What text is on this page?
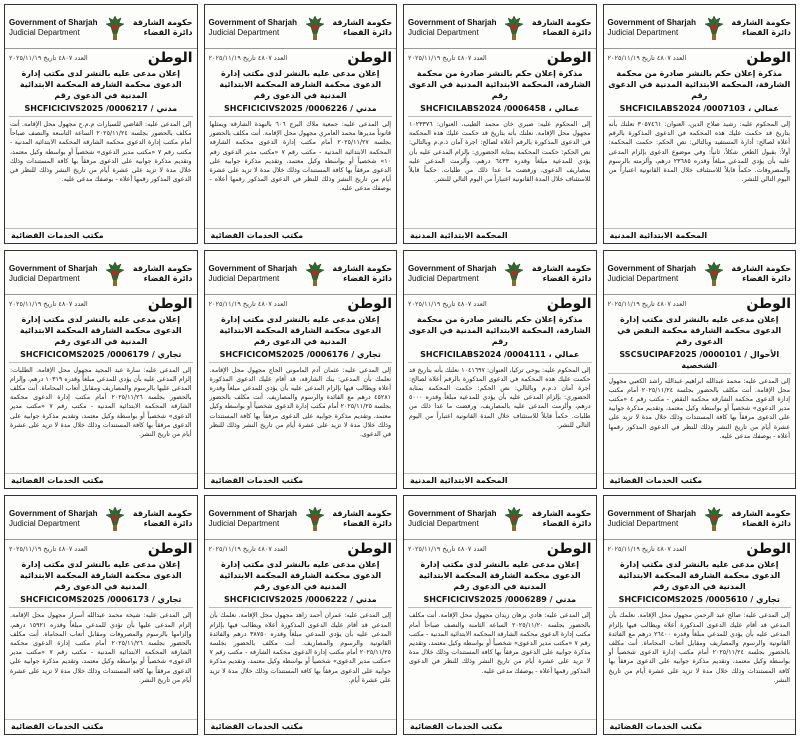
Government of Sharjah
Judicial Department
حكومة الشارقة
دائرة القضاء
الوطن
العدد ٤٨٠٧ تاريخ ٢٠٢٥/١١/١٩
إعلان مدعى عليه بالنشر لدى مكتب إدارة الدعوى محكمة الشارقة المحكمة الابتدائية المدنية في الدعوى رقم
SHCFICICIVS2025 /0006217 / مدني
إلى المدعى عليه: القاضي للسيارات م.م.ح مجهول محل الإقامة. أنت مكلف بالحضور بجلسة ٢٠٢٥/١١/٢٤ الساعة التاسعة والنصف صباحاً أمام مكتب إدارة الدعوى محكمة الشارقة المحكمة الابتدائية المدنية - مكتب رقم ٧ «مكتب مدير الدعوى» شخصياً أو بواسطة وكيل معتمد، وتقديم مذكرة جوابية على الدعوى مرفقاً بها كافة المستندات وذلك خلال مدة لا تزيد على عشرة أيام من تاريخ النشر وذلك للنظر في الدعوى المذكور رقمها أعلاه - بوصفك مدعى عليه.
مكتب الخدمات القضائية
Government of Sharjah
Judicial Department
حكومة الشارقة
دائرة القضاء
الوطن
العدد ٤٨٠٧ تاريخ ٢٠٢٥/١١/١٩
إعلان مدعى عليه بالنشر لدى مكتب إدارة الدعوى محكمة الشارقة المحكمة الابتدائية المدنية في الدعوى رقم
SHCFICICIVS2025 /0006226 / مدني
إلى المدعى عليه: جمعية ملاك البرج ٦٠٦ بالنهدة الشارقة ويمثلها قانوناً مديرها محمد العامري مجهول محل الإقامة. أنت مكلف بالحضور بجلسة ٢٠٢٥/١١/٢٧ أمام مكتب إدارة الدعوى محكمة الشارقة المحكمة الابتدائية المدنية - مكتب رقم ٧ «مكتب مدير الدعوى رقم ١٠» شخصياً أو بواسطة وكيل معتمد، وتقديم مذكرة جوابية على الدعوى مرفقاً بها كافة المستندات وذلك خلال مدة لا تزيد على عشرة أيام من تاريخ النشر وذلك للنظر في الدعوى المذكور رقمها أعلاه - بوصفك مدعى عليه.
مكتب الخدمات القضائية
Government of Sharjah
Judicial Department
حكومة الشارقة
دائرة القضاء
الوطن
العدد ٤٨٠٧ تاريخ ٢٠٢٥/١١/١٩
مذكرة إعلان حكم بالنشر صادرة من محكمة الشارقة، المحكمة الابتدائية المدنية في الدعوى رقم
SHCFICILABS2024 /0006458 ، عمالي
إلى المحكوم عليه: صبري خان محمد الطيب، العنوان: ١٠٢٣٣٧٦ مجهول محل الإقامة. نعلنك بأنه بتاريخ قد حكمت عليك هذه المحكمة في الدعوى المذكورة بالرقم أعلاه لصالح: اجرة آمان ذ.م.م وبالتالي: نص الحكم: حكمت المحكمة بمثابة الحضوري: بإلزام المدعى عليه بأن يؤدي للمدعية مبلغاً وقدره ٦٤٣٣ درهم، وألزمت المدعى عليه بمصاريف الدعوى، ورفضت ما عدا ذلك من طلبات. حكماً قابلاً للاستئناف خلال المدة القانونية اعتباراً من اليوم التالي للنشر.
المحكمة الابتدائية المدنية
Government of Sharjah
Judicial Department
حكومة الشارقة
دائرة القضاء
الوطن
العدد ٤٨٠٧ تاريخ ٢٠٢٥/١١/١٩
مذكرة إعلان حكم بالنشر صادرة من محكمة الشارقة، المحكمة الابتدائية المدنية في الدعوى رقم
SHCFICILABS2024 /0007103 ، عمالي
إلى المحكوم عليه: رشيد صلاح الدين، العنوان: ٣٠٥٧٤٦١ نعلنك بأنه بتاريخ قد حكمت عليك هذه المحكمة في الدعوى المذكورة بالرقم أعلاه لصالح: أدارة المستفيد وبالتالي: نص الحكم: حكمت المحكمة: أولاً: بقبول الطعن شكلاً، ثانياً: وفي موضوع الدعوى بإلزام المدعى عليه بأن يؤدي للمدعي مبلغاً وقدره ٢٣٦٨٥ درهم، وألزمته بالرسوم والمصروفات. حكماً قابلاً للاستئناف خلال المدة القانونية اعتباراً من اليوم التالي للنشر.
المحكمة الابتدائية المدنية
Government of Sharjah
Judicial Department
حكومة الشارقة
دائرة القضاء
الوطن
العدد ٤٨٠٧ تاريخ ٢٠٢٥/١١/١٩
إعلان مدعى عليه بالنشر لدى مكتب إدارة الدعوى محكمة الشارقة المحكمة الابتدائية المدنية في الدعوى رقم
SHCFICICOMS2025 /0006179 / تجاري
إلى المدعى عليه: سارة عبد المجيد مجهول محل الإقامة. الطلبات: إلزام المدعى عليه بأن يؤدي للمدعي مبلغاً وقدره ١٠٣١٩ درهم، وإلزام المدعى عليها بالرسوم والمصاريف ومقابل أتعاب المحاماة. أنت مكلف بالحضور بجلسة ٢٠٢٥/١١/٢٦ أمام مكتب إدارة الدعوى محكمة الشارقة المحكمة الابتدائية المدنية - مكتب رقم ٧ «مكتب مدير الدعوى» شخصياً أو بواسطة وكيل معتمد، وتقديم مذكرة جوابية على الدعوى مرفقاً بها كافة المستندات وذلك خلال مدة لا تزيد على عشرة أيام من تاريخ النشر.
مكتب الخدمات القضائية
Government of Sharjah
Judicial Department
حكومة الشارقة
دائرة القضاء
الوطن
العدد ٤٨٠٧ تاريخ ٢٠٢٥/١١/١٩
إعلان مدعى عليه بالنشر لدى مكتب إدارة الدعوى محكمة الشارقة المحكمة الابتدائية المدنية في الدعوى رقم
SHCFICICOMS2025 /0006176 / تجاري
إلى المدعى عليه: عثمان آدم الماموني الحاج مجهول محل الإقامة. نعلمك بأن المدعي: بنك الشارقة، قد أقام عليك الدعوى المذكورة أعلاه ويطالب فيها بإلزام المدعى عليه بأن يؤدي للمدعي مبلغاً وقدره ٤٥٢٨١ درهم مع الفائدة والرسوم والمصاريف. أنت مكلف بالحضور بجلسة ٢٠٢٥/١١/٢٥ أمام مكتب إدارة الدعوى شخصياً أو بواسطة وكيل معتمد، وتقديم مذكرة جوابية على الدعوى مرفقاً بها كافة المستندات وذلك خلال مدة لا تزيد على عشرة أيام من تاريخ النشر وذلك للنظر في الدعوى.
مكتب الخدمات القضائية
Government of Sharjah
Judicial Department
حكومة الشارقة
دائرة القضاء
الوطن
العدد ٤٨٠٧ تاريخ ٢٠٢٥/١١/١٩
مذكرة إعلان حكم بالنشر صادرة من محكمة الشارقة، المحكمة الابتدائية المدنية في الدعوى رقم
SHCFICILABS2024 /0004111 ، عمالي
إلى المحكوم عليه: يوحي تركيا، العنوان: ١٠٤١٦٩٧ نعلنك بأنه بتاريخ قد حكمت عليك هذه المحكمة في الدعوى المذكورة بالرقم أعلاه لصالح: أجرة آمان ذ.م.م وبالتالي: نص الحكم: حكمت المحكمة بمثابة الحضوري: بإلزام المدعى عليه بأن يؤدي للمدعية مبلغاً وقدره ٥٠٠٠ درهم، وألزمت المدعى عليه بالمصاريف، ورفضت ما عدا ذلك من طلبات. حكماً قابلاً للاستئناف خلال المدة القانونية اعتباراً من اليوم التالي للنشر.
المحكمة الابتدائية المدنية
Government of Sharjah
Judicial Department
حكومة الشارقة
دائرة القضاء
الوطن
العدد ٤٨٠٧ تاريخ ٢٠٢٥/١١/١٩
إعلان مدعى عليه بالنشر لدى مكتب إدارة الدعوى محكمة الشارقة محكمة النقض في الدعوى رقم
SSCSUCIPAF2025 /0000101 / الأحوال الشخصية
إلى المدعى عليه: محمد عبدالله ابراهيم عبدالله راشد الكعبي مجهول محل الإقامة. أنت مكلف بالحضور بجلسة ٢٠٢٥/١١/٢٤ أمام مكتب إدارة الدعوى محكمة الشارقة محكمة النقض - مكتب رقم ٤ «مكتب مدير الدعوى» شخصياً أو بواسطة وكيل معتمد، وتقديم مذكرة جوابية على الدعوى مرفقاً بها كافة المستندات وذلك خلال مدة لا تزيد على عشرة أيام من تاريخ النشر وذلك للنظر في الدعوى المذكور رقمها أعلاه - بوصفك مدعى عليه.
مكتب الخدمات القضائية
Government of Sharjah
Judicial Department
حكومة الشارقة
دائرة القضاء
الوطن
العدد ٤٨٠٧ تاريخ ٢٠٢٥/١١/١٩
إعلان مدعى عليه بالنشر لدى مكتب إدارة الدعوى محكمة الشارقة المحكمة الابتدائية المدنية في الدعوى رقم
SHCFICICOMS2025 /0006173 / تجاري
إلى المدعى عليه: شيخة محمد عبدالله أسرار مجهول محل الإقامة. إلزام المدعى عليها بأن تؤدي للمدعي مبلغاً وقدره ١٥٩٢١ درهم، وإلزامها بالرسوم والمصروفات ومقابل أتعاب المحاماة. أنت مكلف بالحضور بجلسة ٢٠٢٥/١١/٢٦ أمام مكتب إدارة الدعوى محكمة الشارقة المحكمة الابتدائية المدنية - مكتب رقم ٧ «مكتب مدير الدعوى» شخصياً أو بواسطة وكيل معتمد، وتقديم مذكرة جوابية على الدعوى مرفقاً بها كافة المستندات وذلك خلال مدة لا تزيد على عشرة أيام من تاريخ النشر.
مكتب الخدمات القضائية
Government of Sharjah
Judicial Department
حكومة الشارقة
دائرة القضاء
الوطن
العدد ٤٨٠٧ تاريخ ٢٠٢٥/١١/١٩
إعلان مدعى عليه بالنشر لدى مكتب إدارة الدعوى محكمة الشارقة المحكمة الابتدائية المدنية في الدعوى رقم
SHCFICICIVS2025 /0006222 / مدني
إلى المدعى عليه: عمران أحمد زاهد مجهول محل الإقامة. نعلمك بأن المدعي قد أقام عليك الدعوى المذكورة أعلاه ويطالب فيها بإلزام المدعى عليه بأن يؤدي للمدعي مبلغاً وقدره ٣٨٧٥٠ درهم والفائدة القانونية والرسوم والمصاريف. أنت مكلف بالحضور بجلسة ٢٠٢٥/١١/٢٥ أمام مكتب إدارة الدعوى محكمة الشارقة - مكتب رقم ٧ «مكتب مدير الدعوى» شخصياً أو بواسطة وكيل معتمد، وتقديم مذكرة جوابية على الدعوى مرفقاً بها كافة المستندات وذلك خلال مدة لا تزيد على عشرة أيام.
مكتب الخدمات القضائية
Government of Sharjah
Judicial Department
حكومة الشارقة
دائرة القضاء
الوطن
العدد ٤٨٠٧ تاريخ ٢٠٢٥/١١/١٩
إعلان مدعى عليه بالنشر لدى مكتب إدارة الدعوى محكمة الشارقة المحكمة الابتدائية المدنية في الدعوى رقم
SHCFICICIVS2025 /0006289 / مدني
إلى المدعى عليه: هادي برهان زيدان مجهول محل الإقامة. أنت مكلف بالحضور بجلسة ٢٠٢٥/١١/٢٠ الساعة الثامنة والنصف صباحاً أمام مكتب إدارة الدعوى محكمة الشارقة المحكمة الابتدائية المدنية - مكتب رقم ٧ «مكتب مدير الدعوى» شخصياً أو بواسطة وكيل معتمد، وتقديم مذكرة جوابية على الدعوى مرفقاً بها كافة المستندات وذلك خلال مدة لا تزيد على عشرة أيام من تاريخ النشر وذلك للنظر في الدعوى المذكور رقمها أعلاه - بوصفك مدعى عليه.
مكتب الخدمات القضائية
Government of Sharjah
Judicial Department
حكومة الشارقة
دائرة القضاء
الوطن
العدد ٤٨٠٧ تاريخ ٢٠٢٥/١١/١٩
إعلان مدعى عليه بالنشر لدى مكتب إدارة الدعوى محكمة الشارقة المحكمة الابتدائية المدنية في الدعوى رقم
SHCFICICOMS2025 /0005610 / تجاري
إلى المدعى عليه: صالح عبد الرحمن مجهول محل الإقامة. نعلمك بأن المدعي قد أقام عليك الدعوى المذكورة أعلاه ويطالب فيها بإلزام المدعى عليه بأن يؤدي للمدعي مبلغاً وقدره ٢٦٤٠٠ درهم مع الفائدة القانونية والرسوم والمصاريف ومقابل أتعاب المحاماة. أنت مكلف بالحضور بجلسة ٢٠٢٥/١١/٢٤ أمام مكتب إدارة الدعوى شخصياً أو بواسطة وكيل معتمد، وتقديم مذكرة جوابية على الدعوى مرفقاً بها كافة المستندات وذلك خلال مدة لا تزيد على عشرة أيام من تاريخ النشر.
مكتب الخدمات القضائية
